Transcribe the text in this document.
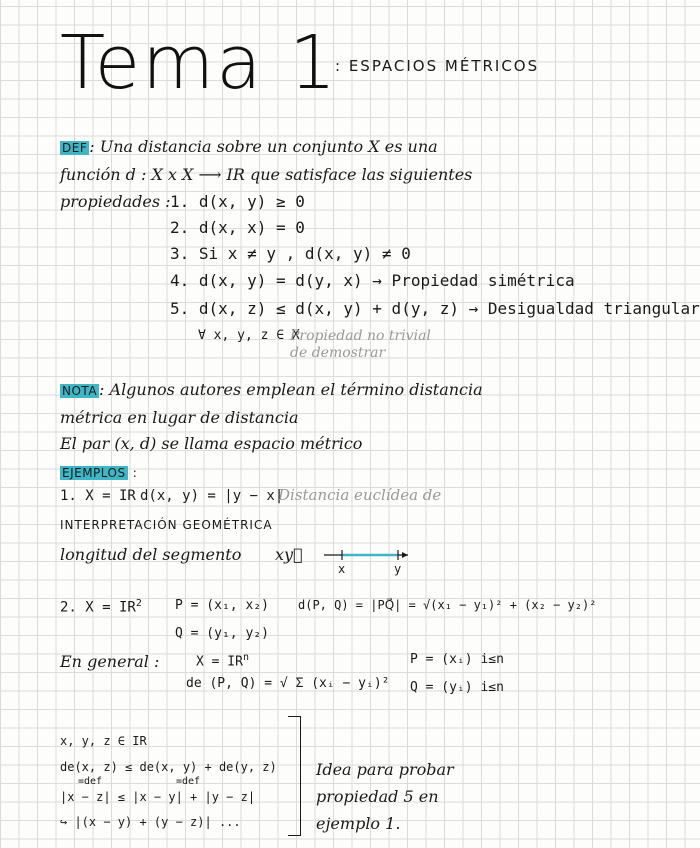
Tema 1
: ESPACIOS MÉTRICOS
DEF : Una distancia sobre un conjunto X es una
función d : X x X ⟶ IR que satisface las siguientes
propiedades : 1. d(x, y) ≥ 0
2. d(x, x) = 0
3. Si x ≠ y , d(x, y) ≠ 0
4. d(x, y) = d(y, x) → Propiedad simétrica
5. d(x, z) ≤ d(x, y) + d(y, z) → Desigualdad triangular
∀ x, y, z ∈ X
Propiedad no trivial
de demostrar
NOTA : Algunos autores emplean el término distancia
métrica en lugar de distancia
El par (x, d) se llama espacio métrico
EJEMPLOS :
1. X = IR d(x, y) = |y − x|
Distancia euclídea de
INTERPRETACIÓN GEOMÉTRICA
longitud del segmento xy⃗
x	y
2. $X = IR^2$	P = (x₁, x₂)
Q = (y₁, y₂)
d(P, Q) = |PQ⃗| = √(x₁ − y₁)² + (x₂ − y₂)²
En general :	$X = IR^n$
de (P, Q) = √ Σ (xᵢ − yᵢ)²
P = (xᵢ) i≤n
Q = (yᵢ) i≤n
x, y, z ∈ IR
de(x, z) ≤ de(x, y) + de(y, z)
=def	=def
|x − z| ≤ |x − y| + |y − z|
↪ |(x − y) + (y − z)| ...
Idea para probar
propiedad 5 en
ejemplo 1.
